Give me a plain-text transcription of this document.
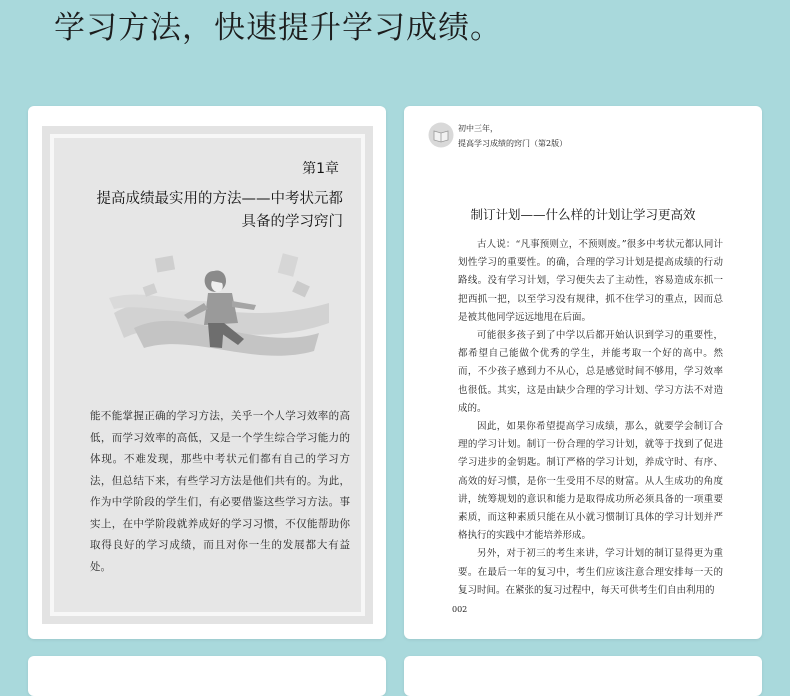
学习方法，快速提升学习成绩。
第1章
提高成绩最实用的方法——中考状元都具备的学习窍门

能不能掌握正确的学习方法，关乎一个人学习效率的高低，而学习效率的高低，又是一个学生综合学习能力的体现。不难发现，那些中考状元们都有自己的学习方法，但总结下来，有些学习方法是他们共有的。为此，作为中学阶段的学生们，有必要借鉴这些学习方法。事实上，在中学阶段就养成好的学习习惯，不仅能帮助你取得良好的学习成绩，而且对你一生的发展都大有益处。

初中三年，
提高学习成绩的窍门（第2版）
制订计划——什么样的计划让学习更高效

古人说：“凡事预则立，不预则废。”很多中考状元都认同计划性学习的重要性。的确，合理的学习计划是提高成绩的行动路线。没有学习计划，学习便失去了主动性，容易造成东抓一把西抓一把，以至学习没有规律，抓不住学习的重点，因而总是被其他同学远远地甩在后面。

可能很多孩子到了中学以后都开始认识到学习的重要性，都希望自己能做个优秀的学生，并能考取一个好的高中。然而，不少孩子感到力不从心，总是感觉时间不够用，学习效率也很低。其实，这是由缺少合理的学习计划、学习方法不对造成的。

因此，如果你希望提高学习成绩，那么，就要学会制订合理的学习计划。制订一份合理的学习计划，就等于找到了促进学习进步的金钥匙。制订严格的学习计划，养成守时、有序、高效的好习惯，是你一生受用不尽的财富。从人生成功的角度讲，统筹规划的意识和能力是取得成功所必须具备的一项重要素质，而这种素质只能在从小就习惯制订具体的学习计划并严格执行的实践中才能培养形成。

另外，对于初三的考生来讲，学习计划的制订显得更为重要。在最后一年的复习中，考生们应该注意合理安排每一天的复习时间。在紧张的复习过程中，每天可供考生们自由利用的

002
